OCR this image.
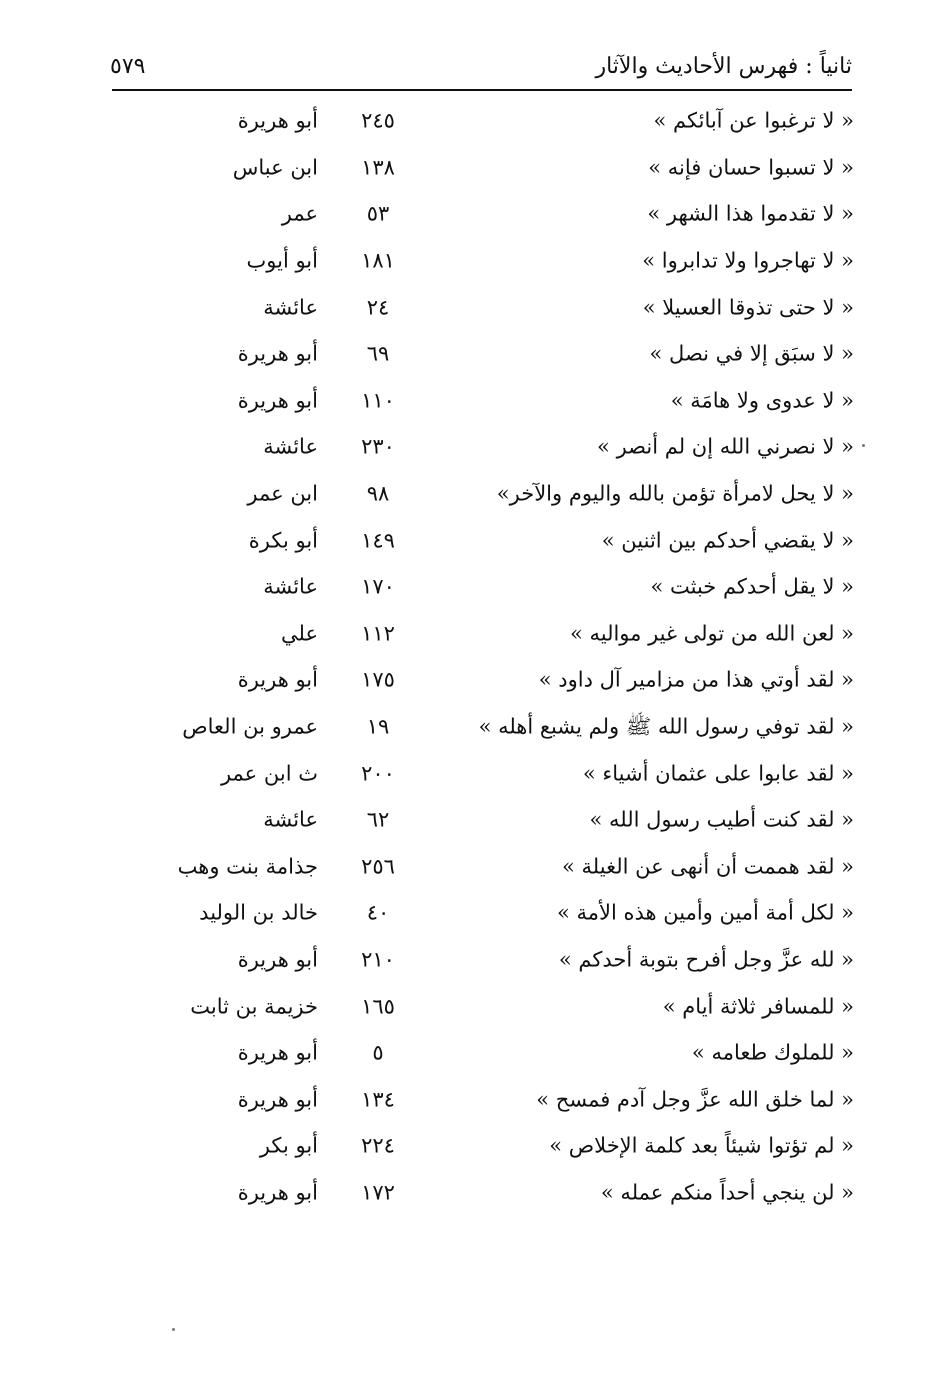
ثانياً : فهرس الأحاديث والآثار
٥٧٩
« لا ترغبوا عن آبائكم »
٢٤٥
أبو هريرة
« لا تسبوا حسان فإنه »
١٣٨
ابن عباس
« لا تقدموا هذا الشهر »
٥٣
عمر
« لا تهاجروا ولا تدابروا »
١٨١
أبو أيوب
« لا حتى تذوقا العسيلا »
٢٤
عائشة
« لا سبَق إلا في نصل »
٦٩
أبو هريرة
« لا عدوى ولا هامَة »
١١٠
أبو هريرة
« لا نصرني الله إن لم أنصر »
٢٣٠
عائشة
« لا يحل لامرأة تؤمن بالله واليوم والآخر»
٩٨
ابن عمر
« لا يقضي أحدكم بين اثنين »
١٤٩
أبو بكرة
« لا يقل أحدكم خبثت »
١٧٠
عائشة
« لعن الله من تولى غير مواليه »
١١٢
علي
« لقد أوتي هذا من مزامير آل داود »
١٧٥
أبو هريرة
« لقد توفي رسول الله ﷺ ولم يشبع أهله »
١٩
عمرو بن العاص
« لقد عابوا على عثمان أشياء »
٢٠٠
ث ابن عمر
« لقد كنت أطيب رسول الله »
٦٢
عائشة
« لقد هممت أن أنهى عن الغيلة »
٢٥٦
جذامة بنت وهب
« لكل أمة أمين وأمين هذه الأمة »
٤٠
خالد بن الوليد
« لله عزَّ وجل أفرح بتوبة أحدكم »
٢١٠
أبو هريرة
« للمسافر ثلاثة أيام »
١٦٥
خزيمة بن ثابت
« للملوك طعامه »
٥
أبو هريرة
« لما خلق الله عزَّ وجل آدم فمسح »
١٣٤
أبو هريرة
« لم تؤتوا شيئاً بعد كلمة الإخلاص »
٢٢٤
أبو بكر
« لن ينجي أحداً منكم عمله »
١٧٢
أبو هريرة
